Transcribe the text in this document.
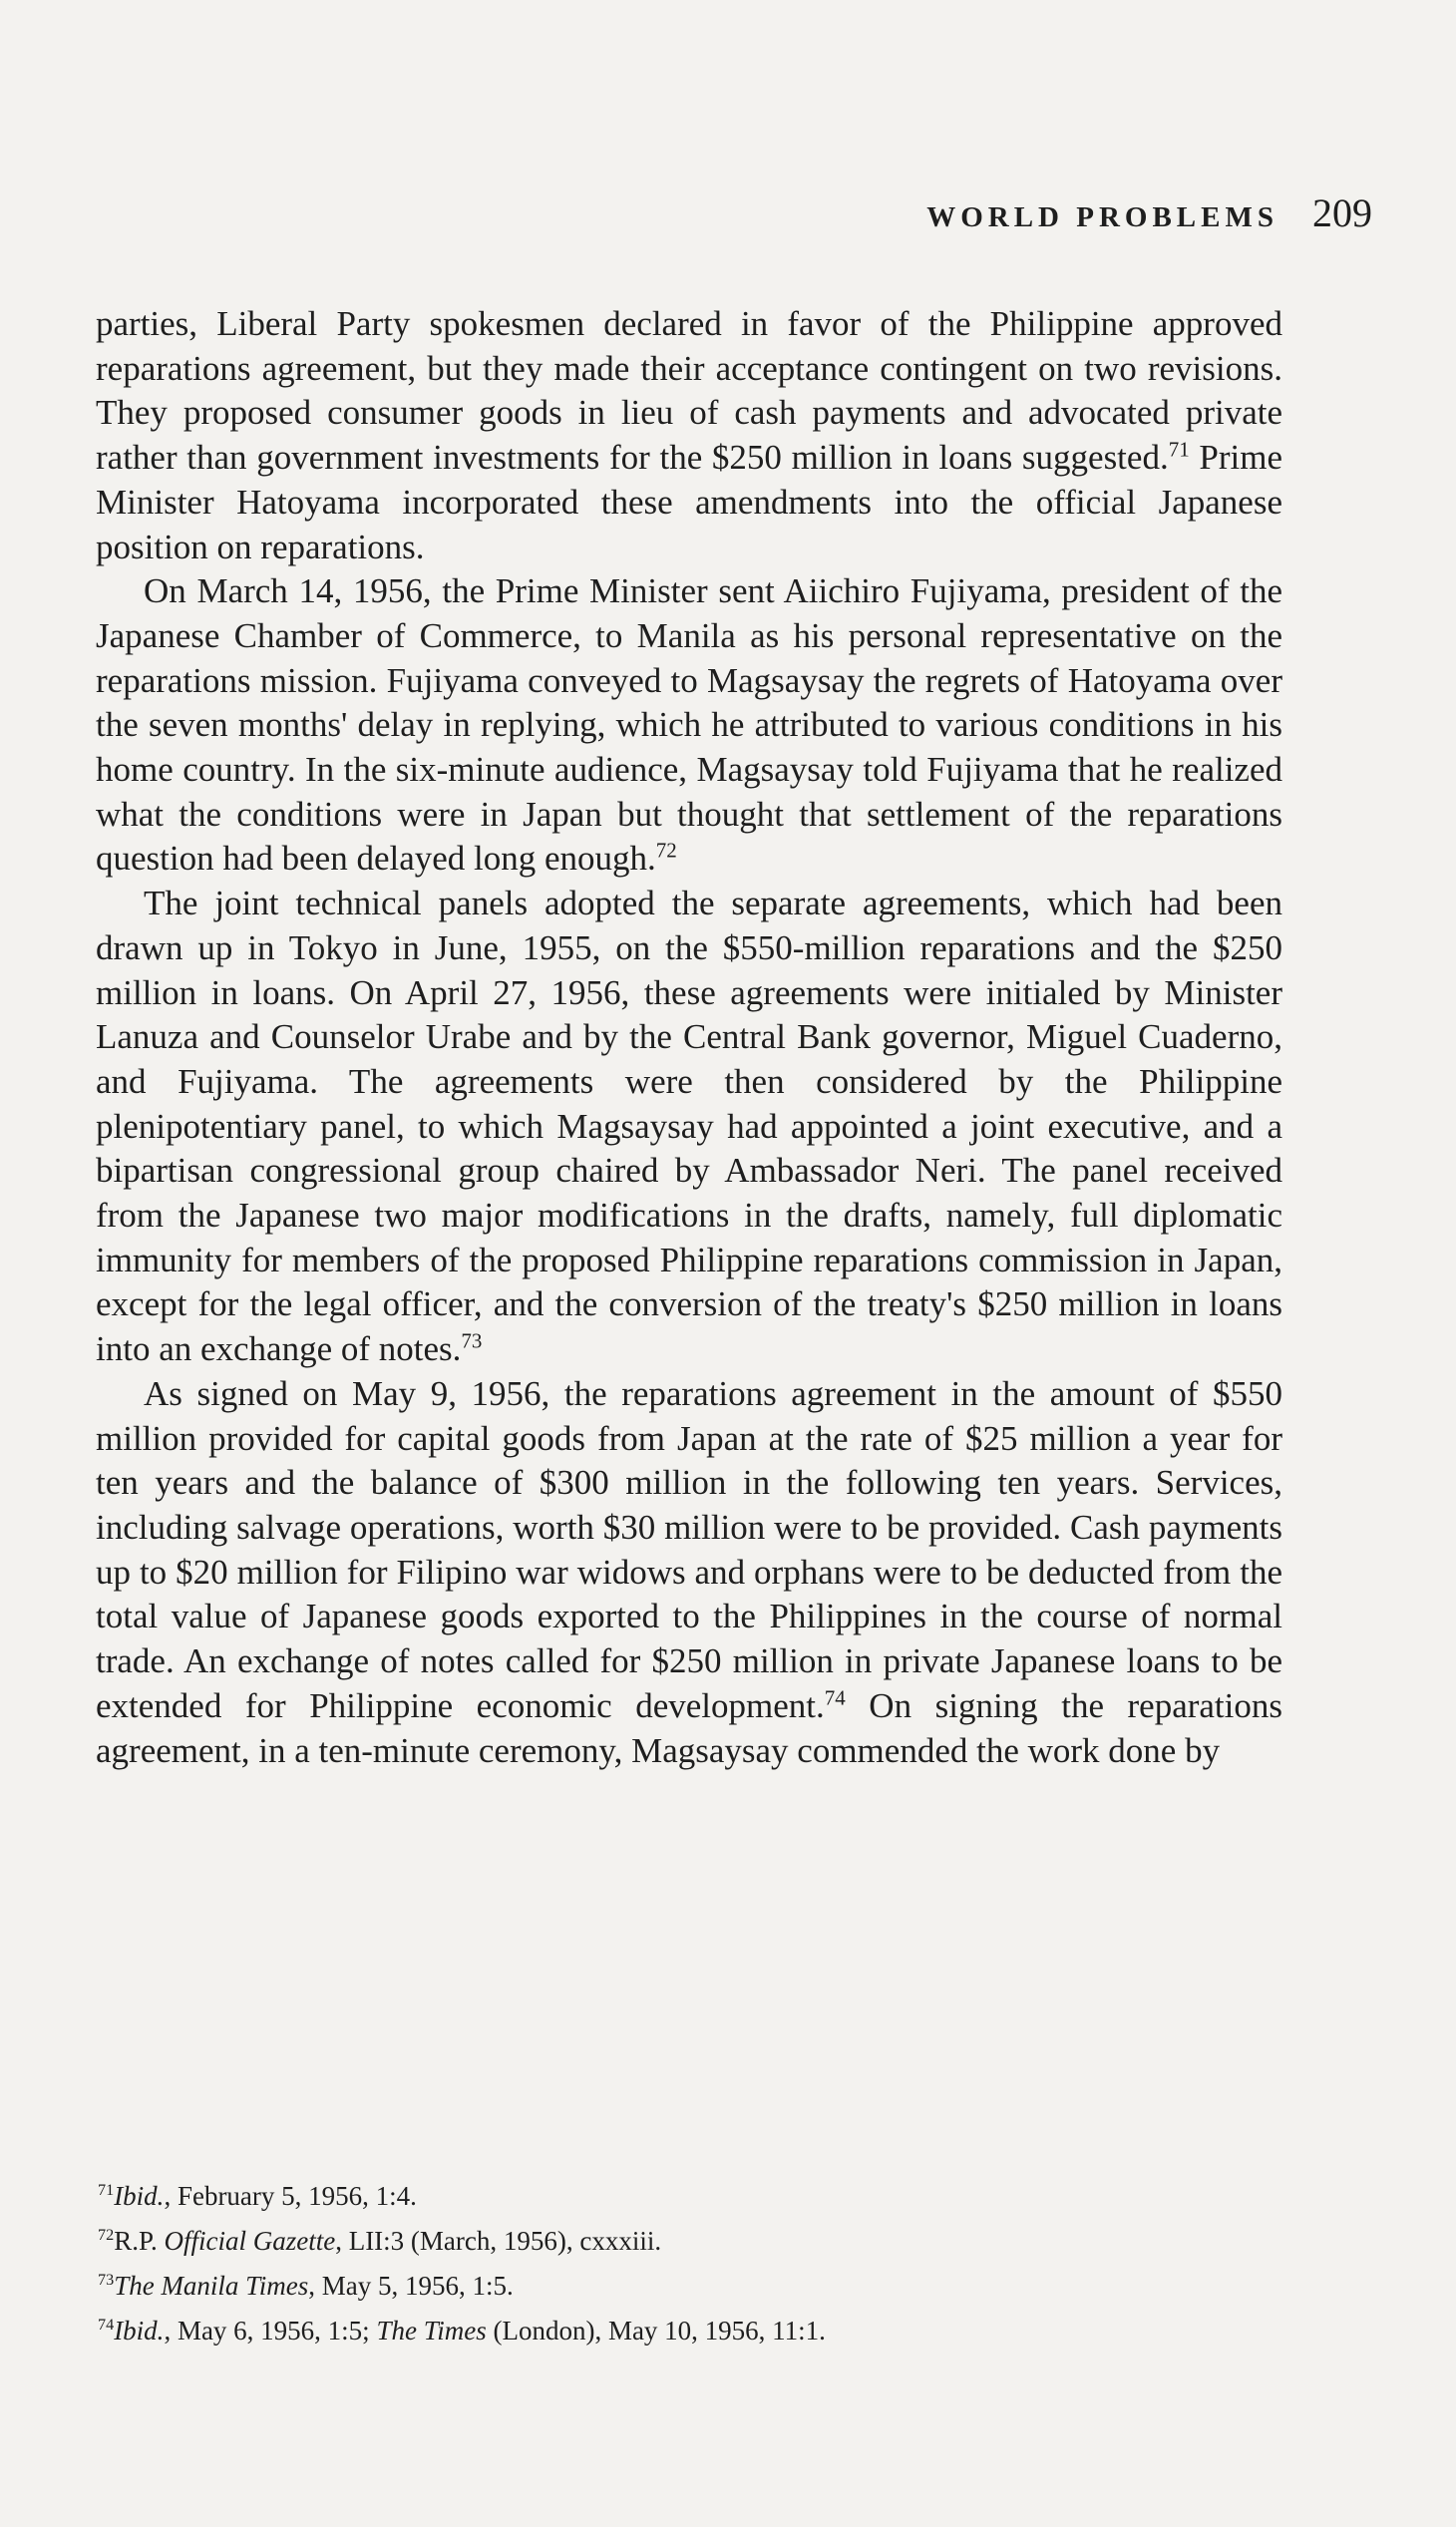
WORLD PROBLEMS 209

parties, Liberal Party spokesmen declared in favor of the Philippine approved reparations agreement, but they made their acceptance contingent on two revisions. They proposed consumer goods in lieu of cash payments and advocated private rather than government investments for the $250 million in loans suggested.$^{71}$ Prime Minister Hatoyama incorporated these amendments into the official Japanese position on reparations.

On March 14, 1956, the Prime Minister sent Aiichiro Fujiyama, president of the Japanese Chamber of Commerce, to Manila as his personal representative on the reparations mission. Fujiyama conveyed to Magsaysay the regrets of Hatoyama over the seven months' delay in replying, which he attributed to various conditions in his home country. In the six-minute audience, Magsaysay told Fujiyama that he realized what the conditions were in Japan but thought that settlement of the reparations question had been delayed long enough.$^{72}$

The joint technical panels adopted the separate agreements, which had been drawn up in Tokyo in June, 1955, on the $550-million reparations and the $250 million in loans. On April 27, 1956, these agreements were initialed by Minister Lanuza and Counselor Urabe and by the Central Bank governor, Miguel Cuaderno, and Fujiyama. The agreements were then considered by the Philippine plenipotentiary panel, to which Magsaysay had appointed a joint executive, and a bipartisan congressional group chaired by Ambassador Neri. The panel received from the Japanese two major modifications in the drafts, namely, full diplomatic immunity for members of the proposed Philippine reparations commission in Japan, except for the legal officer, and the conversion of the treaty's $250 million in loans into an exchange of notes.$^{73}$

As signed on May 9, 1956, the reparations agreement in the amount of $550 million provided for capital goods from Japan at the rate of $25 million a year for ten years and the balance of $300 million in the following ten years. Services, including salvage operations, worth $30 million were to be provided. Cash payments up to $20 million for Filipino war widows and orphans were to be deducted from the total value of Japanese goods exported to the Philippines in the course of normal trade. An exchange of notes called for $250 million in private Japanese loans to be extended for Philippine economic development.$^{74}$ On signing the reparations agreement, in a ten-minute ceremony, Magsaysay commended the work done by

$^{71}$Ibid., February 5, 1956, 1:4.

$^{72}$R.P. Official Gazette, LII:3 (March, 1956), cxxxiii.

$^{73}$The Manila Times, May 5, 1956, 1:5.

$^{74}$Ibid., May 6, 1956, 1:5; The Times (London), May 10, 1956, 11:1.
